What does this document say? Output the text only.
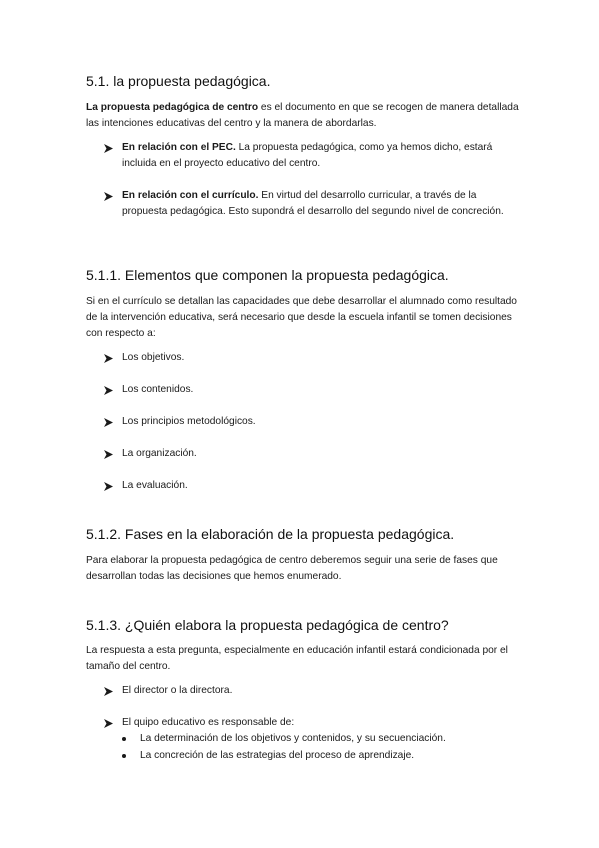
5.1. la propuesta pedagógica.
La propuesta pedagógica de centro es el documento en que se recogen de manera detallada las intenciones educativas del centro y la manera de abordarlas.
En relación con el PEC. La propuesta pedagógica, como ya hemos dicho, estará incluida en el proyecto educativo del centro.
En relación con el currículo. En virtud del desarrollo curricular, a través de la propuesta pedagógica. Esto supondrá el desarrollo del segundo nivel de concreción.
5.1.1. Elementos que componen la propuesta pedagógica.
Si en el currículo se detallan las capacidades que debe desarrollar el alumnado como resultado de la intervención educativa, será necesario que desde la escuela infantil se tomen decisiones con respecto a:
Los objetivos.
Los contenidos.
Los principios metodológicos.
La organización.
La evaluación.
5.1.2. Fases en la elaboración de la propuesta pedagógica.
Para elaborar la propuesta pedagógica de centro deberemos seguir una serie de fases que desarrollan todas las decisiones que hemos enumerado.
5.1.3. ¿Quién elabora la propuesta pedagógica de centro?
La respuesta a esta pregunta, especialmente en educación infantil estará condicionada por el tamaño del centro.
El director o la directora.
El quipo educativo es responsable de:
La determinación de los objetivos y contenidos, y su secuenciación.
La concreción de las estrategias del proceso de aprendizaje.
